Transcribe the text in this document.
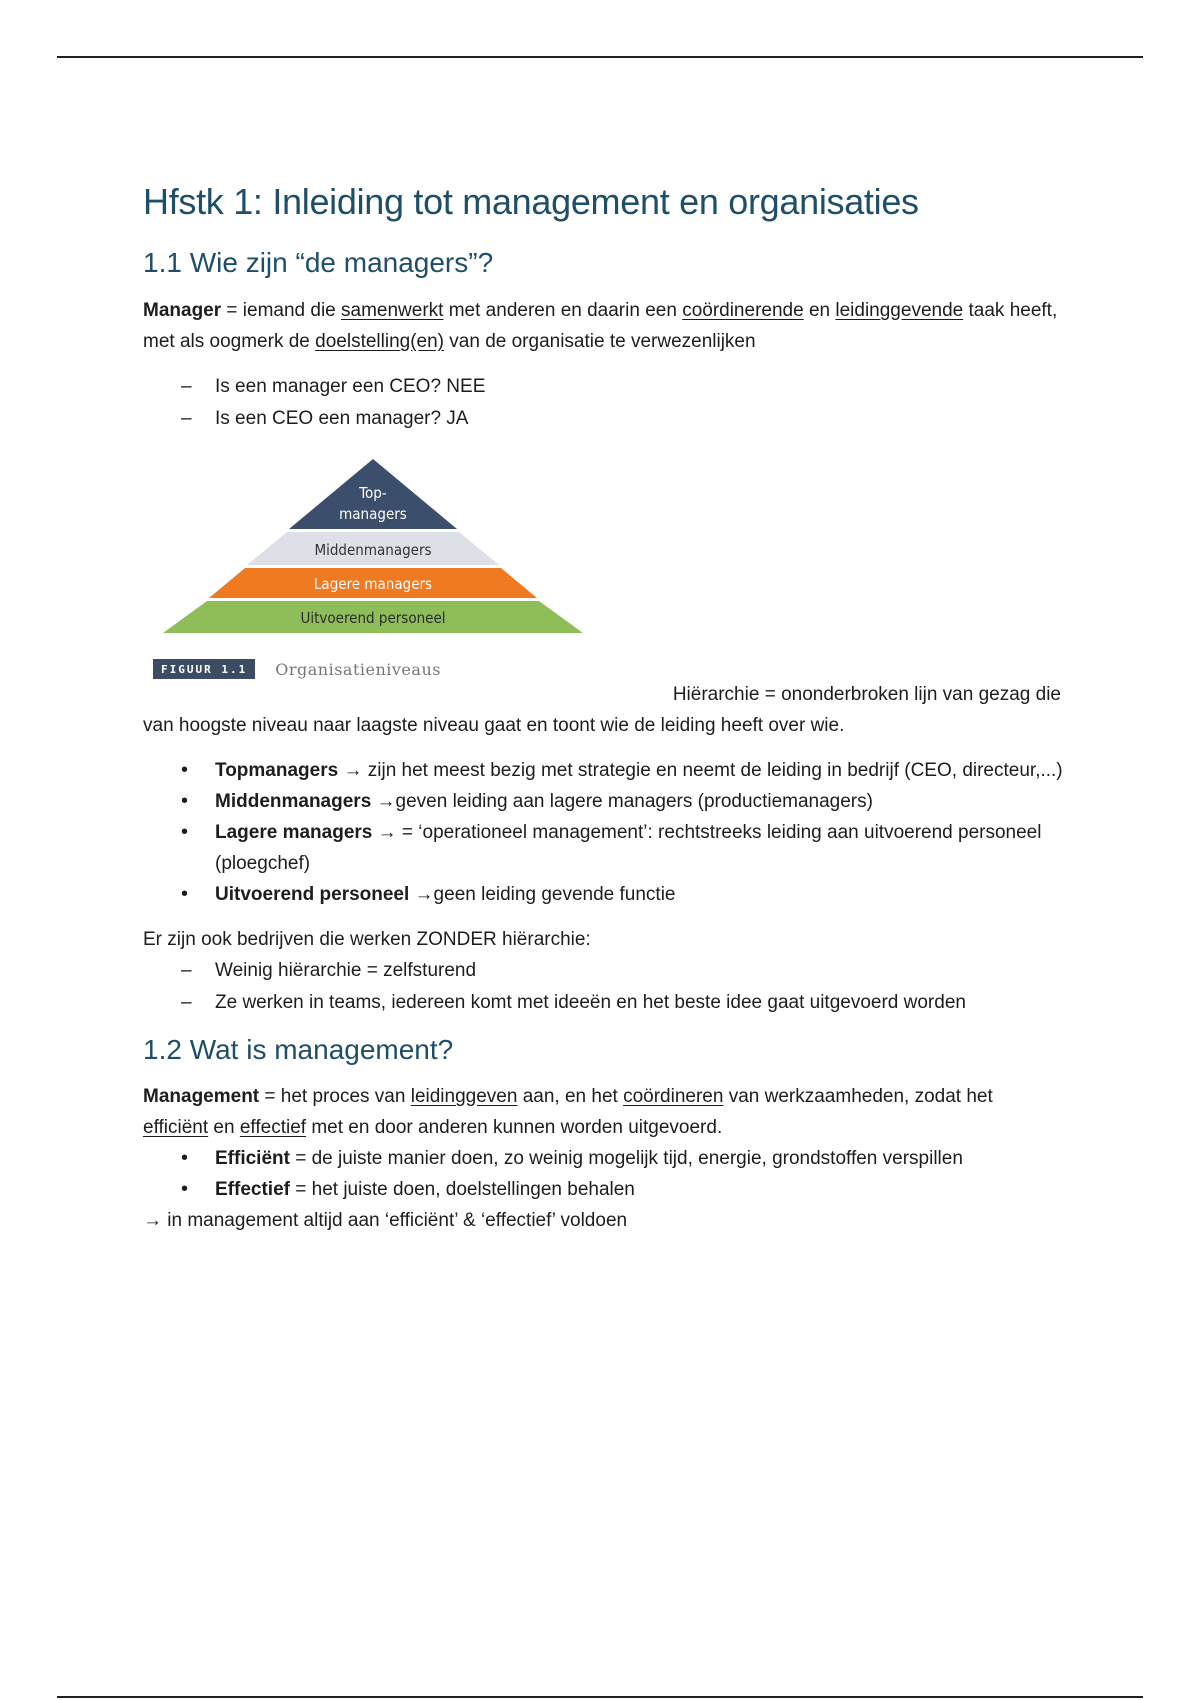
Hfstk 1: Inleiding tot management en organisaties
1.1 Wie zijn “de managers”?

Manager = iemand die samenwerkt met anderen en daarin een coördinerende en leidinggevende taak heeft, met als oogmerk de doelstelling(en) van de organisatie te verwezenlijken

– Is een manager een CEO? NEE
– Is een CEO een manager? JA
Top-
managers
Middenmanagers
Lagere managers
Uitvoerend personeel
FIGUUR 1.1	Organisatieniveaus

Hiërarchie = ononderbroken lijn van gezag die
van hoogste niveau naar laagste niveau gaat en toont wie de leiding heeft over wie.

• Topmanagers → zijn het meest bezig met strategie en neemt de leiding in bedrijf (CEO, directeur,...)
• Middenmanagers →geven leiding aan lagere managers (productiemanagers)
• Lagere managers → = ‘operationeel management’: rechtstreeks leiding aan uitvoerend personeel (ploegchef)
• Uitvoerend personeel →geen leiding gevende functie

Er zijn ook bedrijven die werken ZONDER hiërarchie:

– Weinig hiërarchie = zelfsturend
– Ze werken in teams, iedereen komt met ideeën en het beste idee gaat uitgevoerd worden
1.2 Wat is management?

Management = het proces van leidinggeven aan, en het coördineren van werkzaamheden, zodat het efficiënt en effectief met en door anderen kunnen worden uitgevoerd.

• Efficiënt = de juiste manier doen, zo weinig mogelijk tijd, energie, grondstoffen verspillen
• Effectief = het juiste doen, doelstellingen behalen

→ in management altijd aan ‘efficiënt’ & ‘effectief’ voldoen
